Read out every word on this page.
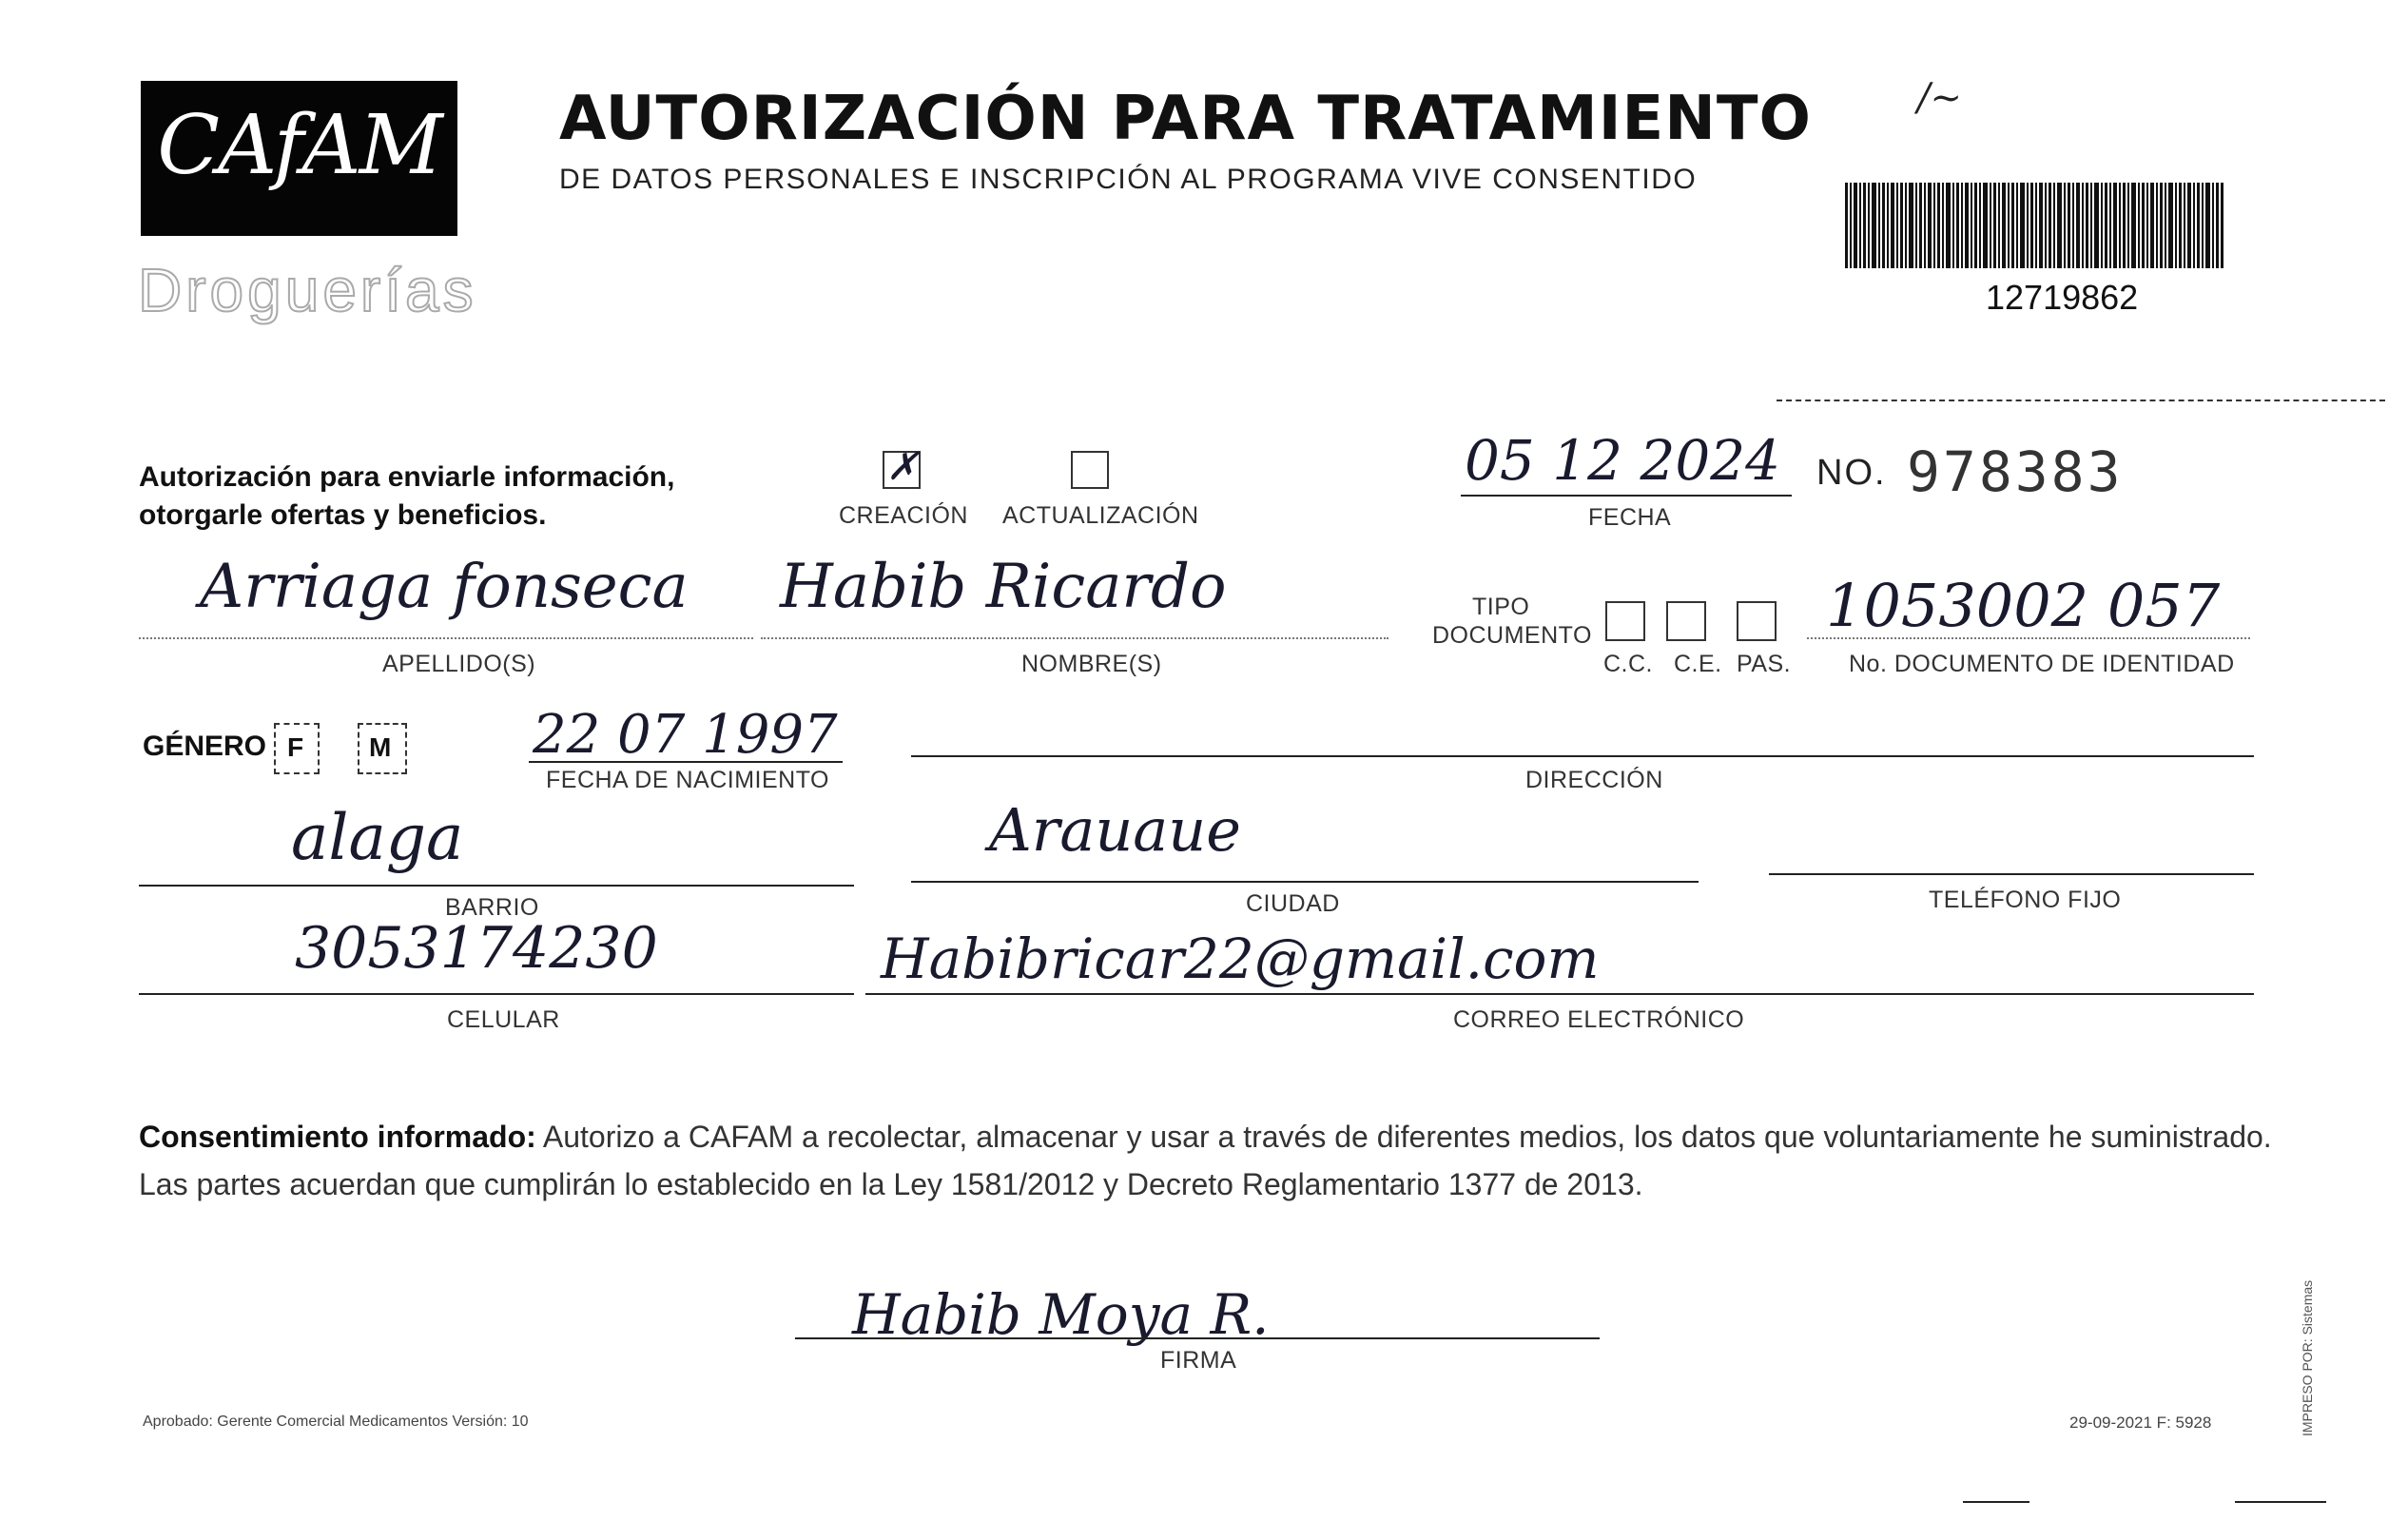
CAfAM
Droguerías
AUTORIZACIÓN PARA TRATAMIENTO
DE DATOS PERSONALES E INSCRIPCIÓN AL PROGRAMA VIVE CONSENTIDO
/~
12719862
Autorización para enviarle información,
otorgarle ofertas y beneficios.
✗
CREACIÓN ACTUALIZACIÓN
05 12 2024
FECHA
NO. 978383
Arriaga fonseca
APELLIDO(S)
Habib Ricardo
NOMBRE(S)
TIPO
DOCUMENTO
C.C. C.E. PAS.
1053002 057
No. DOCUMENTO DE IDENTIDAD
GÉNERO F M	22 07 1997
FECHA DE NACIMIENTO	DIRECCIÓN
alaga
BARRIO
Arauaue
CIUDAD	TELÉFONO FIJO
3053174230
CELULAR
Habibricar22@gmail.com
CORREO ELECTRÓNICO
Consentimiento informado: Autorizo a CAFAM a recolectar, almacenar y usar a través de diferentes medios, los datos que voluntariamente he suministrado. Las partes acuerdan que cumplirán lo establecido en la Ley 1581/2012 y Decreto Reglamentario 1377 de 2013.
Habib Moya R.
FIRMA
Aprobado: Gerente Comercial Medicamentos Versión: 10	29-09-2021 F: 5928	IMPRESO POR: Sistemas
